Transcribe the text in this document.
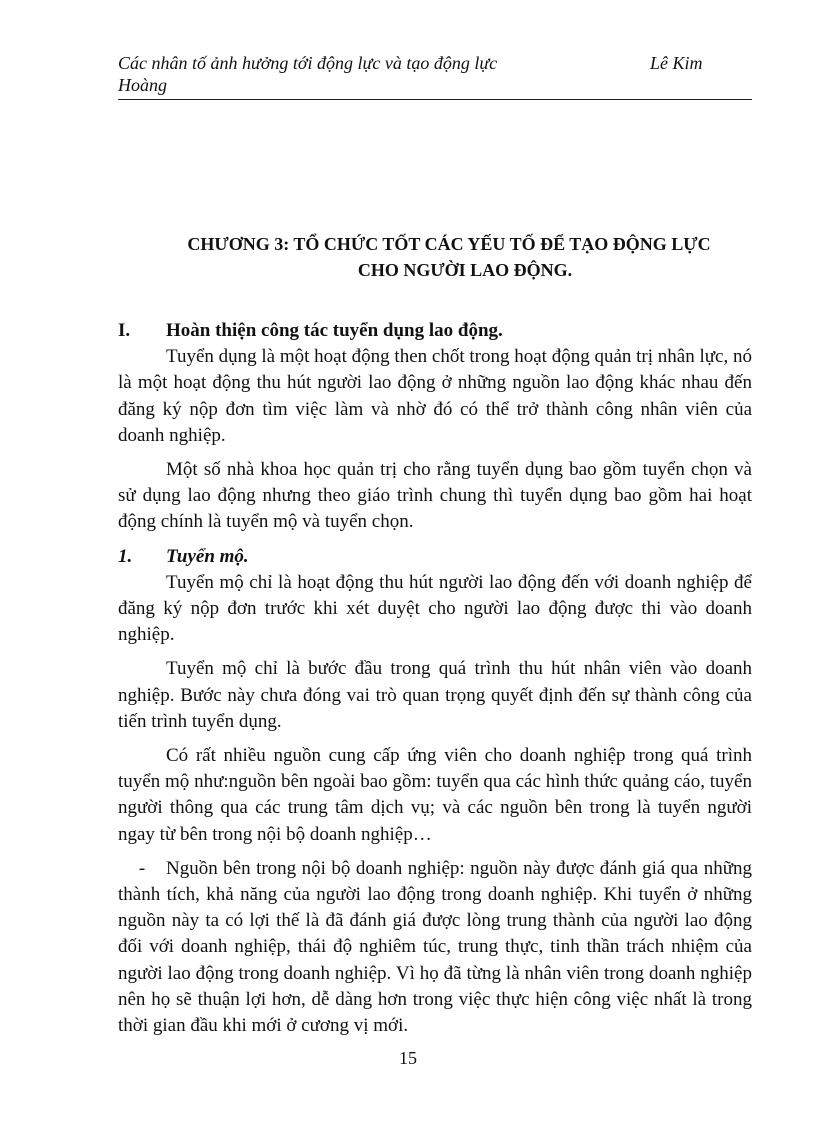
Các nhân tố ảnh hưởng tới động lực và tạo động lực	Lê Kim
Hoàng
CHƯƠNG 3: TỔ CHỨC TỐT CÁC YẾU TỐ ĐỂ TẠO ĐỘNG LỰC
CHO NGƯỜI LAO ĐỘNG.
I.	Hoàn thiện công tác tuyển dụng lao động.

Tuyển dụng là một hoạt động then chốt trong hoạt động quản trị nhân lực, nó là một hoạt động thu hút người lao động ở những nguồn lao động khác nhau đến đăng ký nộp đơn tìm việc làm và nhờ đó có thể trở thành công nhân viên của doanh nghiệp.

Một số nhà khoa học quản trị cho rằng tuyển dụng bao gồm tuyển chọn và sử dụng lao động nhưng theo giáo trình chung thì tuyển dụng bao gồm hai hoạt động chính là tuyển mộ và tuyển chọn.

1.	Tuyển mộ.

Tuyển mộ chỉ là hoạt động thu hút người lao động đến với doanh nghiệp để đăng ký nộp đơn trước khi xét duyệt cho người lao động được thi vào doanh nghiệp.

Tuyển mộ chỉ là bước đầu trong quá trình thu hút nhân viên vào doanh nghiệp. Bước này chưa đóng vai trò quan trọng quyết định đến sự thành công của tiến trình tuyển dụng.

Có rất nhiều nguồn cung cấp ứng viên cho doanh nghiệp trong quá trình tuyển mộ như:nguồn bên ngoài bao gồm: tuyển qua các hình thức quảng cáo, tuyển người thông qua các trung tâm dịch vụ; và các nguồn bên trong là tuyển người ngay từ bên trong nội bộ doanh nghiệp…

- Nguồn bên trong nội bộ doanh nghiệp: nguồn này được đánh giá qua những thành tích, khả năng của người lao động trong doanh nghiệp. Khi tuyển ở những nguồn này ta có lợi thế là đã đánh giá được lòng trung thành của người lao động đối với doanh nghiệp, thái độ nghiêm túc, trung thực, tinh thần trách nhiệm của người lao động trong doanh nghiệp. Vì họ đã từng là nhân viên trong doanh nghiệp nên họ sẽ thuận lợi hơn, dễ dàng hơn trong việc thực hiện công việc nhất là trong thời gian đầu khi mới ở cương vị mới.

15
